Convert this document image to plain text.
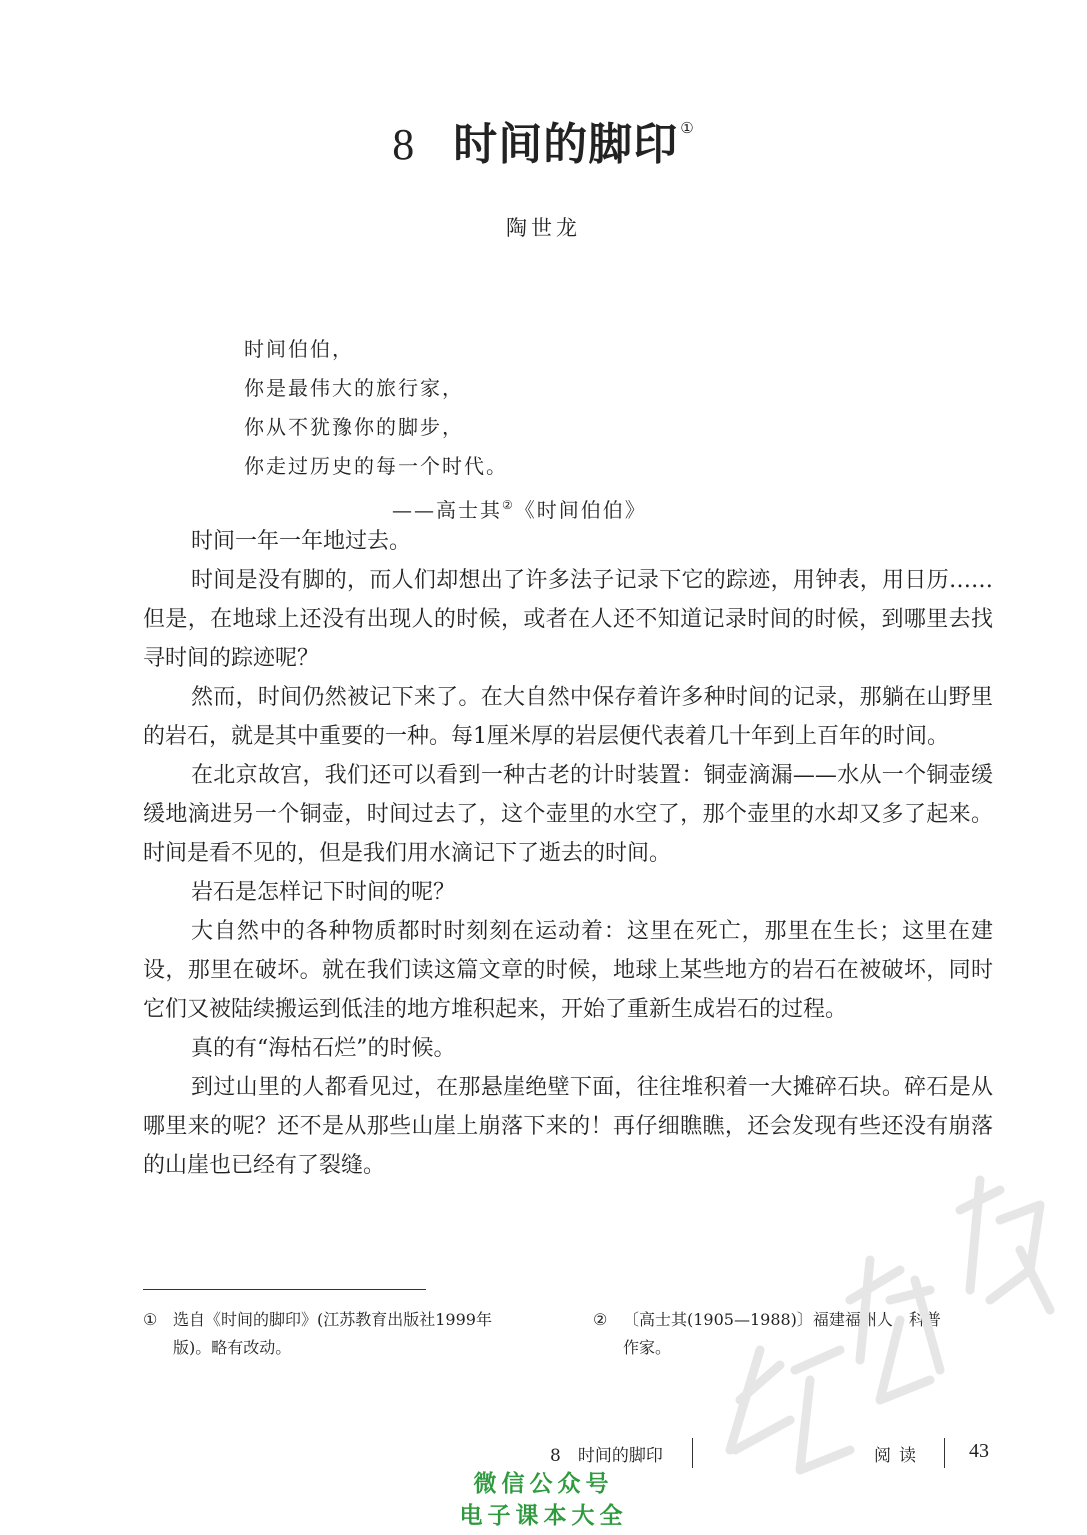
8 时间的脚印 ①
陶世龙
时间伯伯，
你是最伟大的旅行家，
你从不犹豫你的脚步，
你走过历史的每一个时代。
——高士其②《时间伯伯》

时间一年一年地过去。

时间是没有脚的，而人们却想出了许多法子记录下它的踪迹，用钟表，用日历……但是，在地球上还没有出现人的时候，或者在人还不知道记录时间的时候，到哪里去找寻时间的踪迹呢？

然而，时间仍然被记下来了。在大自然中保存着许多种时间的记录，那躺在山野里的岩石，就是其中重要的一种。每1厘米厚的岩层便代表着几十年到上百年的时间。

在北京故宫，我们还可以看到一种古老的计时装置：铜壶滴漏——水从一个铜壶缓缓地滴进另一个铜壶，时间过去了，这个壶里的水空了，那个壶里的水却又多了起来。时间是看不见的，但是我们用水滴记下了逝去的时间。

岩石是怎样记下时间的呢？

大自然中的各种物质都时时刻刻在运动着：这里在死亡，那里在生长；这里在建设，那里在破坏。就在我们读这篇文章的时候，地球上某些地方的岩石在被破坏，同时它们又被陆续搬运到低洼的地方堆积起来，开始了重新生成岩石的过程。

真的有“海枯石烂”的时候。

到过山里的人都看见过，在那悬崖绝壁下面，往往堆积着一大摊碎石块。碎石是从哪里来的呢？还不是从那些山崖上崩落下来的！再仔细瞧瞧，还会发现有些还没有崩落的山崖也已经有了裂缝。

① 选自《时间的脚印》(江苏教育出版社1999年
版)。略有改动。
② 〔高士其(1905—1988)〕福建福州人，科普
作家。
8　时间的脚印	阅读 43
微信公众号
电子课本大全
